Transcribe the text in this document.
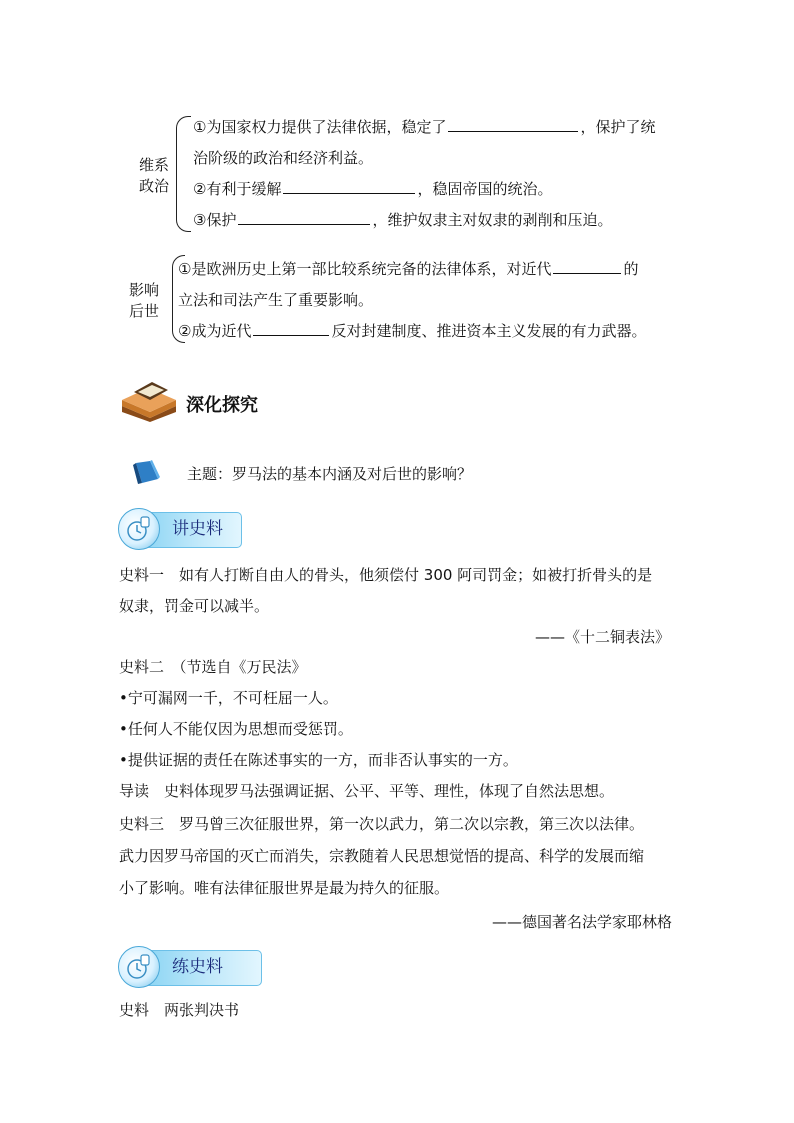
维系
政治
①为国家权力提供了法律依据，稳定了	，保护了统
治阶级的政治和经济利益。
②有利于缓解	，稳固帝国的统治。
③保护	，维护奴隶主对奴隶的剥削和压迫。
影响
后世
①是欧洲历史上第一部比较系统完备的法律体系，对近代	的
立法和司法产生了重要影响。
②成为近代	反对封建制度、推进资本主义发展的有力武器。
深化探究
主题：罗马法的基本内涵及对后世的影响？
讲史料
史料一　如有人打断自由人的骨头，他须偿付 300 阿司罚金；如被打折骨头的是
奴隶，罚金可以减半。
——《十二铜表法》
史料二　（节选自《万民法》
•宁可漏网一千，不可枉屈一人。
•任何人不能仅因为思想而受惩罚。
•提供证据的责任在陈述事实的一方，而非否认事实的一方。
导读　史料体现罗马法强调证据、公平、平等、理性，体现了自然法思想。
史料三　罗马曾三次征服世界，第一次以武力，第二次以宗教，第三次以法律。
武力因罗马帝国的灭亡而消失，宗教随着人民思想觉悟的提高、科学的发展而缩
小了影响。唯有法律征服世界是最为持久的征服。
——德国著名法学家耶林格
练史料
史料　两张判决书
